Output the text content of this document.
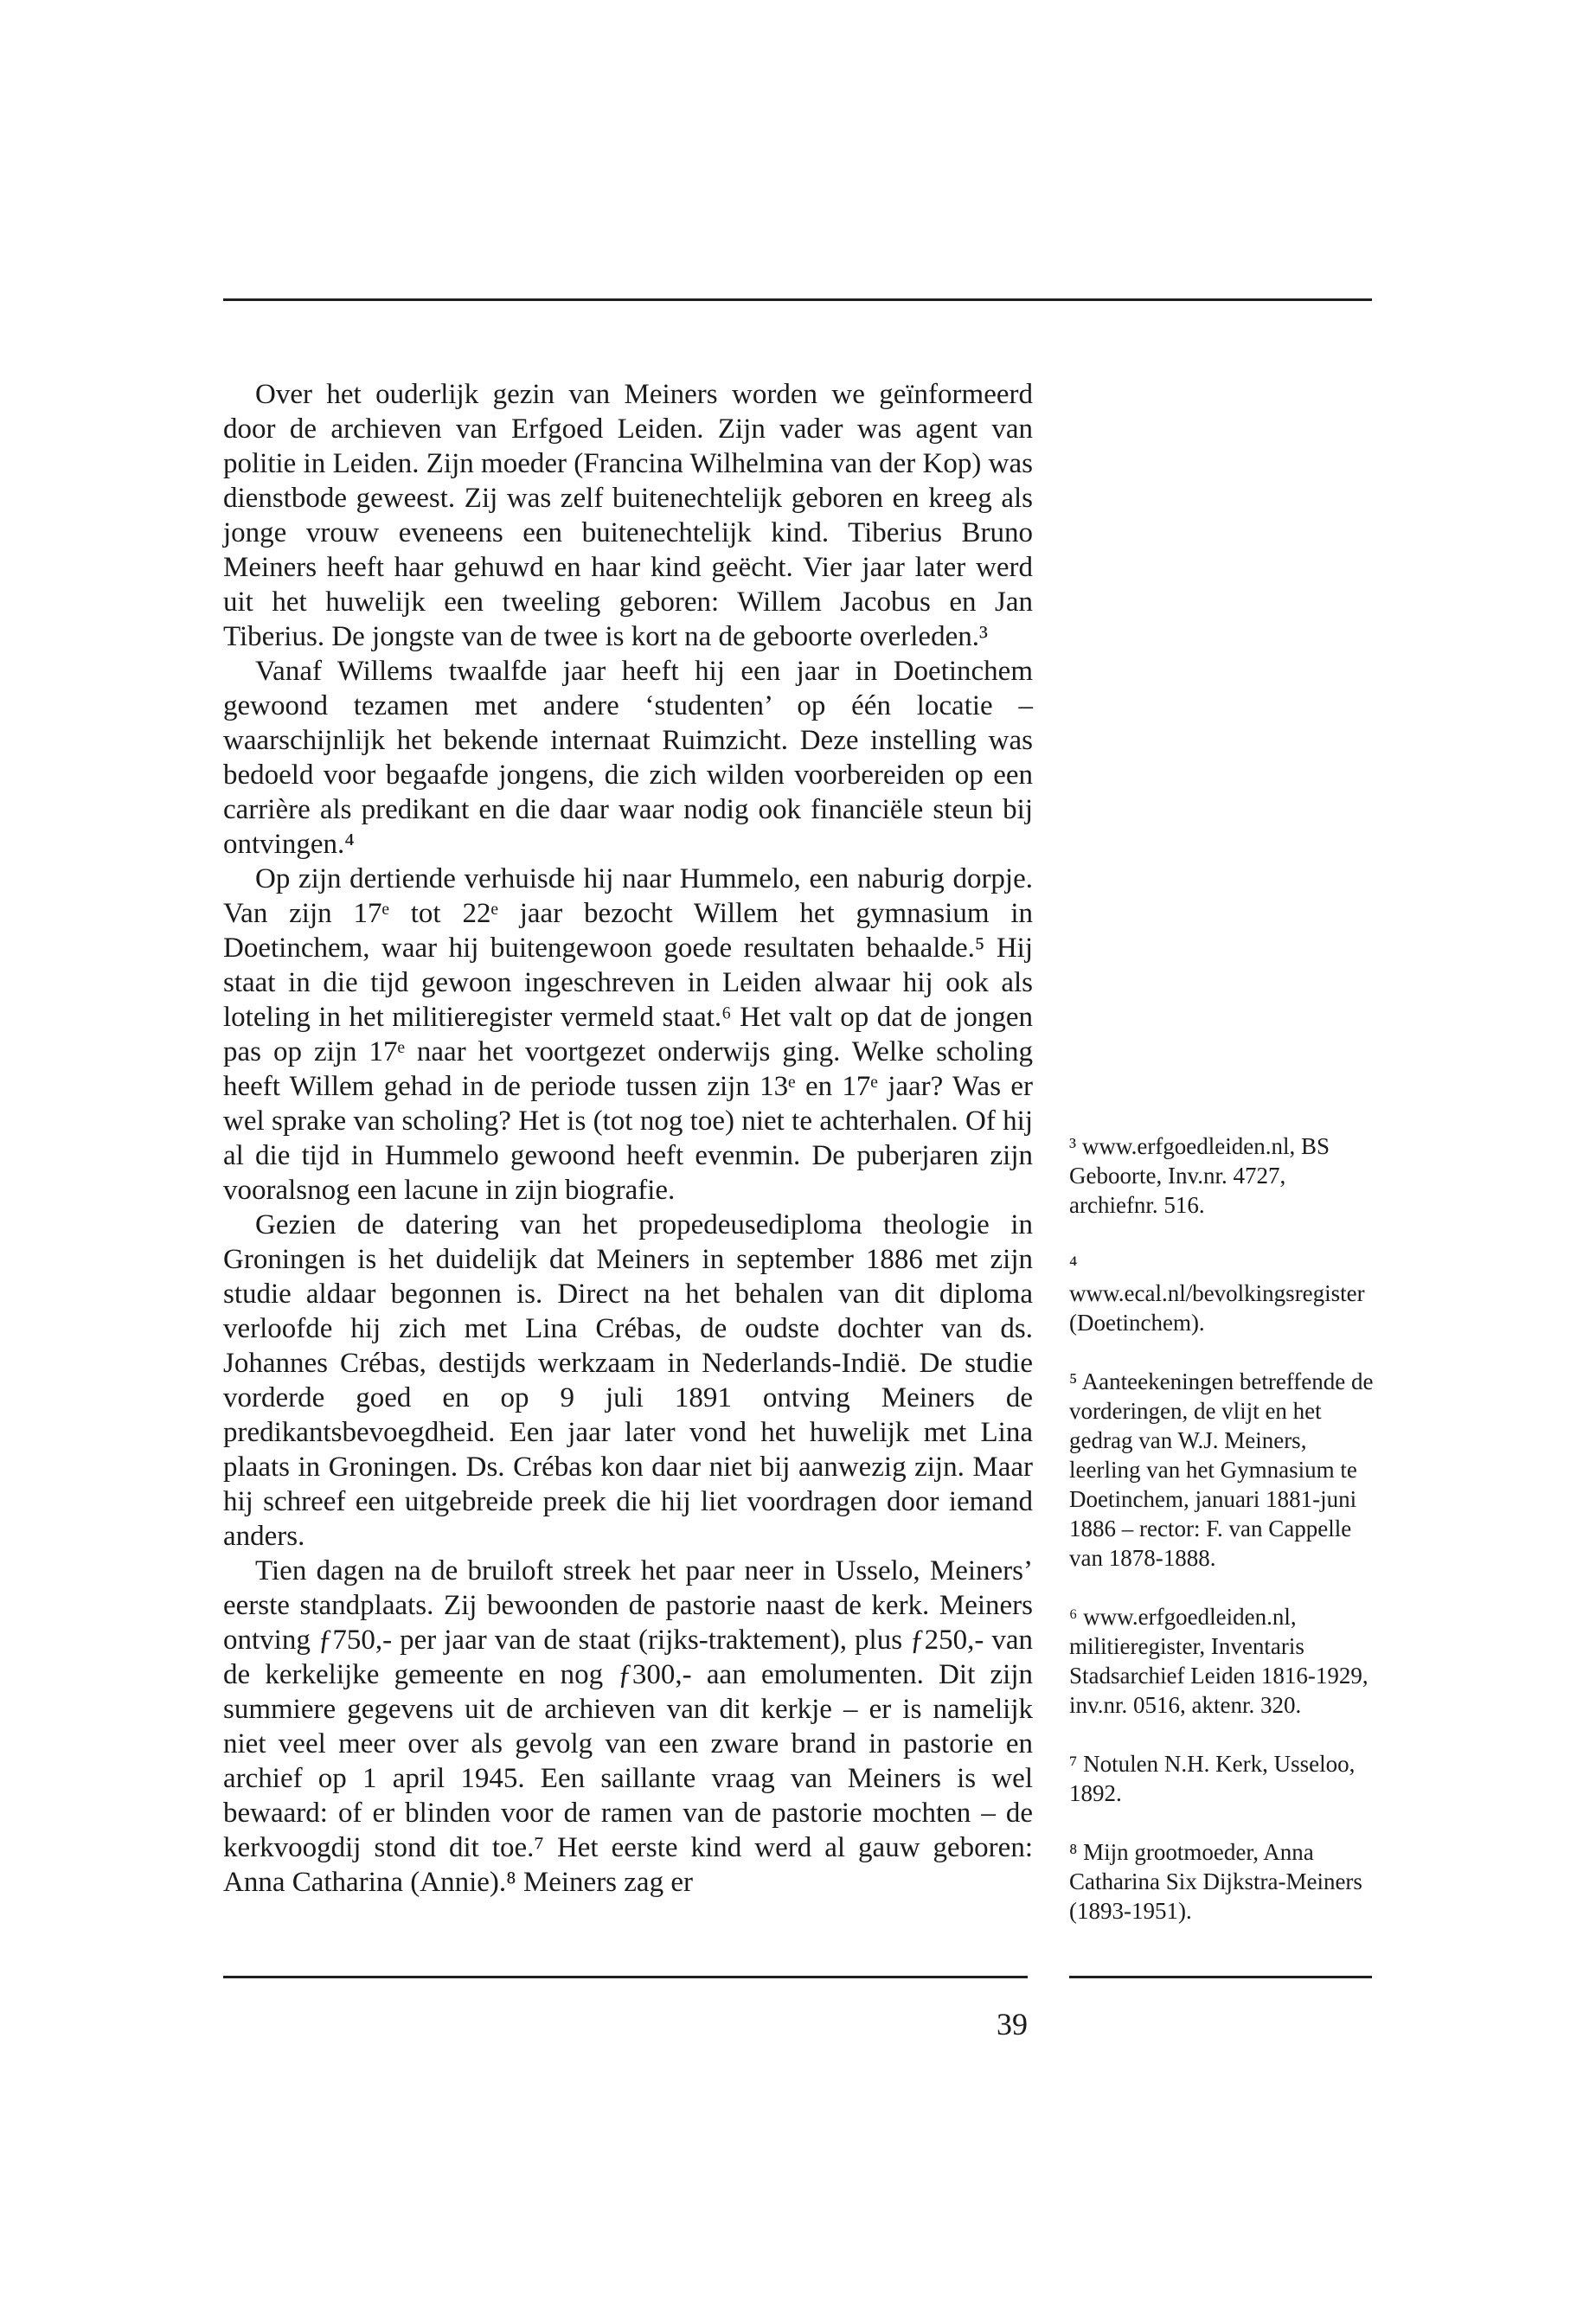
Over het ouderlijk gezin van Meiners worden we geïnformeerd door de archieven van Erfgoed Leiden. Zijn vader was agent van politie in Leiden. Zijn moeder (Francina Wilhelmina van der Kop) was dienstbode geweest. Zij was zelf buitenechtelijk geboren en kreeg als jonge vrouw eveneens een buitenechtelijk kind. Tiberius Bruno Meiners heeft haar gehuwd en haar kind geëcht. Vier jaar later werd uit het huwelijk een tweeling geboren: Willem Jacobus en Jan Tiberius. De jongste van de twee is kort na de geboorte overleden.³

Vanaf Willems twaalfde jaar heeft hij een jaar in Doetinchem gewoond tezamen met andere ‘studenten’ op één locatie – waarschijnlijk het bekende internaat Ruimzicht. Deze instelling was bedoeld voor begaafde jongens, die zich wilden voorbereiden op een carrière als predikant en die daar waar nodig ook financiële steun bij ontvingen.⁴

Op zijn dertiende verhuisde hij naar Hummelo, een naburig dorpje. Van zijn 17ᵉ tot 22ᵉ jaar bezocht Willem het gymnasium in Doetinchem, waar hij buitengewoon goede resultaten behaalde.⁵ Hij staat in die tijd gewoon ingeschreven in Leiden alwaar hij ook als loteling in het militieregister vermeld staat.⁶ Het valt op dat de jongen pas op zijn 17ᵉ naar het voortgezet onderwijs ging. Welke scholing heeft Willem gehad in de periode tussen zijn 13ᵉ en 17ᵉ jaar? Was er wel sprake van scholing? Het is (tot nog toe) niet te achterhalen. Of hij al die tijd in Hummelo gewoond heeft evenmin. De puberjaren zijn vooralsnog een lacune in zijn biografie.

Gezien de datering van het propedeusediploma theologie in Groningen is het duidelijk dat Meiners in september 1886 met zijn studie aldaar begonnen is. Direct na het behalen van dit diploma verloofde hij zich met Lina Crébas, de oudste dochter van ds. Johannes Crébas, destijds werkzaam in Nederlands-Indië. De studie vorderde goed en op 9 juli 1891 ontving Meiners de predikantsbevoegdheid. Een jaar later vond het huwelijk met Lina plaats in Groningen. Ds. Crébas kon daar niet bij aanwezig zijn. Maar hij schreef een uitgebreide preek die hij liet voordragen door iemand anders.

Tien dagen na de bruiloft streek het paar neer in Usselo, Meiners’ eerste standplaats. Zij bewoonden de pastorie naast de kerk. Meiners ontving ƒ750,- per jaar van de staat (rijks-traktement), plus ƒ250,- van de kerkelijke gemeente en nog ƒ300,- aan emolumenten. Dit zijn summiere gegevens uit de archieven van dit kerkje – er is namelijk niet veel meer over als gevolg van een zware brand in pastorie en archief op 1 april 1945. Een saillante vraag van Meiners is wel bewaard: of er blinden voor de ramen van de pastorie mochten – de kerkvoogdij stond dit toe.⁷ Het eerste kind werd al gauw geboren: Anna Catharina (Annie).⁸ Meiners zag er

³ www.erfgoedleiden.nl, BS Geboorte, Inv.nr. 4727, archiefnr. 516.

⁴ www.ecal.nl/bevolkingsregister (Doetinchem).

⁵ Aanteekeningen betreffende de vorderingen, de vlijt en het gedrag van W.J. Meiners, leerling van het Gymnasium te Doetinchem, januari 1881-juni 1886 – rector: F. van Cappelle van 1878-1888.

⁶ www.erfgoedleiden.nl, militieregister, Inventaris Stadsarchief Leiden 1816-1929, inv.nr. 0516, aktenr. 320.

⁷ Notulen N.H. Kerk, Usseloo, 1892.

⁸ Mijn grootmoeder, Anna Catharina Six Dijkstra-Meiners (1893-1951).

39
